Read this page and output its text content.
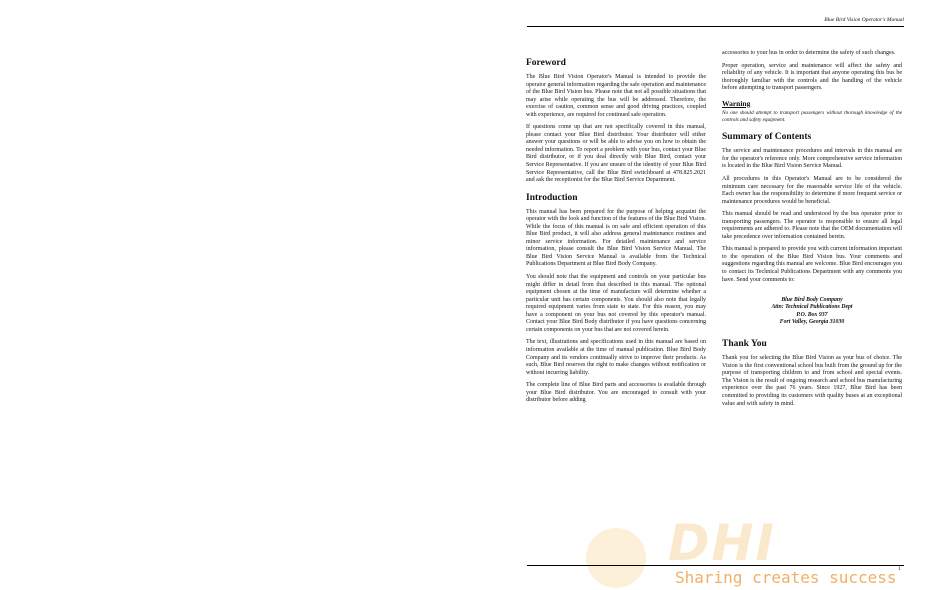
Blue Bird Vision Operator's Manual
Foreword

The Blue Bird Vision Operator's Manual is intended to provide the operator general information regarding the safe operation and maintenance of the Blue Bird Vision bus. Please note that not all possible situations that may arise while operating the bus will be addressed. Therefore, the exercise of caution, common sense and good driving practices, coupled with experience, are required for continued safe operation.

If questions come up that are not specifically covered in this manual, please contact your Blue Bird distributor. Your distributor will either answer your questions or will be able to advise you on how to obtain the needed information. To report a problem with your bus, contact your Blue Bird distributor, or if you deal directly with Blue Bird, contact your Service Representative. If you are unsure of the identity of your Blue Bird Service Representative, call the Blue Bird switchboard at 478.825.2021 and ask the receptionist for the Blue Bird Service Department.

Introduction

This manual has been prepared for the purpose of helping acquaint the operator with the look and function of the features of the Blue Bird Vision. While the focus of this manual is on safe and efficient operation of this Blue Bird product, it will also address general maintenance routines and minor service information. For detailed maintenance and service information, please consult the Blue Bird Vision Service Manual. The Blue Bird Vision Service Manual is available from the Technical Publications Department at Blue Bird Body Company.

You should note that the equipment and controls on your particular bus might differ in detail from that described in this manual. The optional equipment chosen at the time of manufacture will determine whether a particular unit has certain components. You should also note that legally required equipment varies from state to state. For this reason, you may have a component on your bus not covered by this operator's manual. Contact your Blue Bird Body distributor if you have questions concerning certain components on your bus that are not covered herein.

The text, illustrations and specifications used in this manual are based on information available at the time of manual publication. Blue Bird Body Company and its vendors continually strive to improve their products. As such, Blue Bird reserves the right to make changes without notification or without incurring liability.

The complete line of Blue Bird parts and accessories is available through your Blue Bird distributor. You are encouraged to consult with your distributor before adding

accessories to your bus in order to determine the safety of such changes.

Proper operation, service and maintenance will affect the safety and reliability of any vehicle. It is important that anyone operating this bus be thoroughly familiar with the controls and the handling of the vehicle before attempting to transport passengers.

Warning
No one should attempt to transport passengers without thorough knowledge of the controls and safety equipment.
Summary of Contents

The service and maintenance procedures and intervals in this manual are for the operator's reference only. More comprehensive service information is located in the Blue Bird Vision Service Manual.

All procedures in this Operator's Manual are to be considered the minimum care necessary for the reasonable service life of the vehicle. Each owner has the responsibility to determine if more frequent service or maintenance procedures would be beneficial.

This manual should be read and understood by the bus operator prior to transporting passengers. The operator is responsible to ensure all legal requirements are adhered to. Please note that the OEM documentation will take precedence over information contained herein.

This manual is prepared to provide you with current information important to the operation of the Blue Bird Vision bus. Your comments and suggestions regarding this manual are welcome. Blue Bird encourages you to contact its Technical Publications Department with any comments you have. Send your comments to:

Blue Bird Body Company
Attn: Technical Publications Dept
P.O. Box 937
Fort Valley, Georgia 31030
Thank You

Thank you for selecting the Blue Bird Vision as your bus of choice. The Vision is the first conventional school bus built from the ground up for the purpose of transporting children to and from school and special events. The Vision is the result of ongoing research and school bus manufacturing experience over the past 76 years. Since 1927, Blue Bird has been committed to providing its customers with quality buses at an exceptional value and with safety in mind.

DHI	1
Sharing creates success
